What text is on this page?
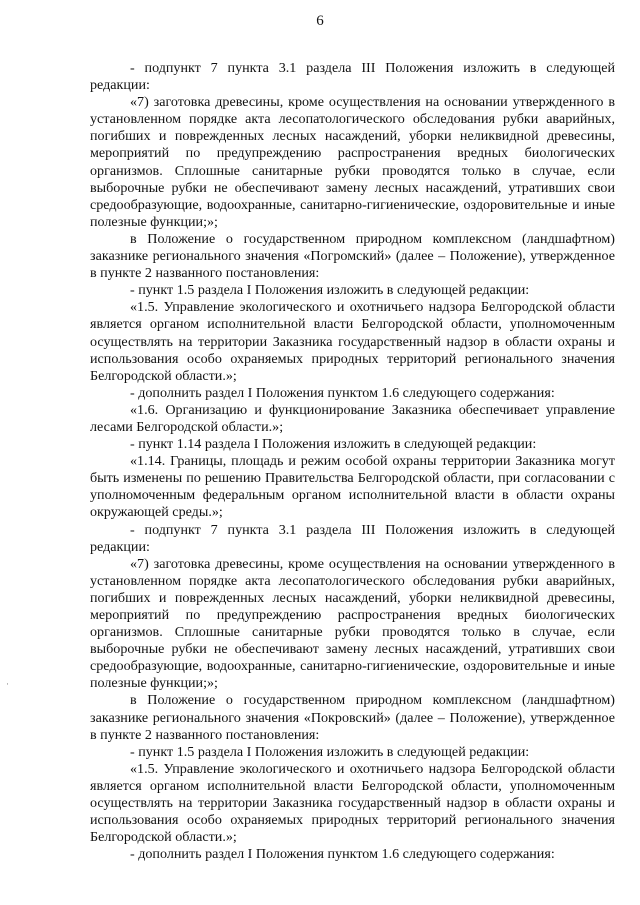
6

- подпункт 7 пункта 3.1 раздела III Положения изложить в следующей редакции:

«7) заготовка древесины, кроме осуществления на основании утвержденного в установленном порядке акта лесопатологического обследования рубки аварийных, погибших и поврежденных лесных насаждений, уборки неликвидной древесины, мероприятий по предупреждению распространения вредных биологических организмов. Сплошные санитарные рубки проводятся только в случае, если выборочные рубки не обеспечивают замену лесных насаждений, утративших свои средообразующие, водоохранные, санитарно-гигиенические, оздоровительные и иные полезные функции;»;

в Положение о государственном природном комплексном (ландшафтном) заказнике регионального значения «Погромский» (далее – Положение), утвержденное в пункте 2 названного постановления:

- пункт 1.5 раздела I Положения изложить в следующей редакции:

«1.5. Управление экологического и охотничьего надзора Белгородской области является органом исполнительной власти Белгородской области, уполномоченным осуществлять на территории Заказника государственный надзор в области охраны и использования особо охраняемых природных территорий регионального значения Белгородской области.»;

- дополнить раздел I Положения пунктом 1.6 следующего содержания:

«1.6. Организацию и функционирование Заказника обеспечивает управление лесами Белгородской области.»;

- пункт 1.14 раздела I Положения изложить в следующей редакции:

«1.14. Границы, площадь и режим особой охраны территории Заказника могут быть изменены по решению Правительства Белгородской области, при согласовании с уполномоченным федеральным органом исполнительной власти в области охраны окружающей среды.»;

- подпункт 7 пункта 3.1 раздела III Положения изложить в следующей редакции:

«7) заготовка древесины, кроме осуществления на основании утвержденного в установленном порядке акта лесопатологического обследования рубки аварийных, погибших и поврежденных лесных насаждений, уборки неликвидной древесины, мероприятий по предупреждению распространения вредных биологических организмов. Сплошные санитарные рубки проводятся только в случае, если выборочные рубки не обеспечивают замену лесных насаждений, утративших свои средообразующие, водоохранные, санитарно-гигиенические, оздоровительные и иные полезные функции;»;

в Положение о государственном природном комплексном (ландшафтном) заказнике регионального значения «Покровский» (далее – Положение), утвержденное в пункте 2 названного постановления:

- пункт 1.5 раздела I Положения изложить в следующей редакции:

«1.5. Управление экологического и охотничьего надзора Белгородской области является органом исполнительной власти Белгородской области, уполномоченным осуществлять на территории Заказника государственный надзор в области охраны и использования особо охраняемых природных территорий регионального значения Белгородской области.»;

- дополнить раздел I Положения пунктом 1.6 следующего содержания:

·
